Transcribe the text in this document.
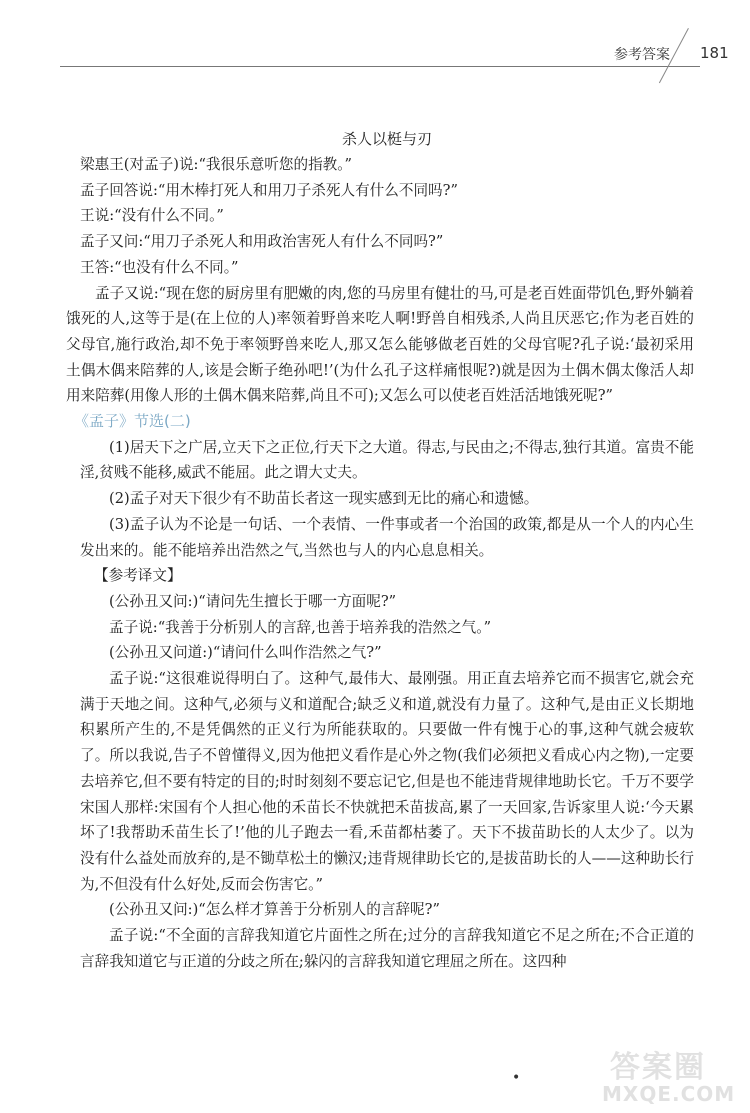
参考答案 181

杀人以梃与刃

梁惠王(对孟子)说:“我很乐意听您的指教。”

孟子回答说:“用木棒打死人和用刀子杀死人有什么不同吗?”

王说:“没有什么不同。”

孟子又问:“用刀子杀死人和用政治害死人有什么不同吗?”

王答:“也没有什么不同。”

孟子又说:“现在您的厨房里有肥嫩的肉,您的马房里有健壮的马,可是老百姓面带饥色,野外躺着饿死的人,这等于是(在上位的人)率领着野兽来吃人啊!野兽自相残杀,人尚且厌恶它;作为老百姓的父母官,施行政治,却不免于率领野兽来吃人,那又怎么能够做老百姓的父母官呢?孔子说:‘最初采用土偶木偶来陪葬的人,该是会断子绝孙吧!’(为什么孔子这样痛恨呢?)就是因为土偶木偶太像活人却用来陪葬(用像人形的土偶木偶来陪葬,尚且不可);又怎么可以使老百姓活活地饿死呢?”

《孟子》节选(二)

(1)居天下之广居,立天下之正位,行天下之大道。得志,与民由之;不得志,独行其道。富贵不能淫,贫贱不能移,威武不能屈。此之谓大丈夫。

(2)孟子对天下很少有不助苗长者这一现实感到无比的痛心和遗憾。

(3)孟子认为不论是一句话、一个表情、一件事或者一个治国的政策,都是从一个人的内心生发出来的。能不能培养出浩然之气,当然也与人的内心息息相关。

【参考译文】

(公孙丑又问:)“请问先生擅长于哪一方面呢?”

孟子说:“我善于分析别人的言辞,也善于培养我的浩然之气。”

(公孙丑又问道:)“请问什么叫作浩然之气?”

孟子说:“这很难说得明白了。这种气,最伟大、最刚强。用正直去培养它而不损害它,就会充满于天地之间。这种气,必须与义和道配合;缺乏义和道,就没有力量了。这种气,是由正义长期地积累所产生的,不是凭偶然的正义行为所能获取的。只要做一件有愧于心的事,这种气就会疲软了。所以我说,告子不曾懂得义,因为他把义看作是心外之物(我们必须把义看成心内之物),一定要去培养它,但不要有特定的目的;时时刻刻不要忘记它,但是也不能违背规律地助长它。千万不要学宋国人那样:宋国有个人担心他的禾苗长不快就把禾苗拔高,累了一天回家,告诉家里人说:‘今天累坏了!我帮助禾苗生长了!’他的儿子跑去一看,禾苗都枯萎了。天下不拔苗助长的人太少了。以为没有什么益处而放弃的,是不锄草松土的懒汉;违背规律助长它的,是拔苗助长的人——这种助长行为,不但没有什么好处,反而会伤害它。”

(公孙丑又问:)“怎么样才算善于分析别人的言辞呢?”

孟子说:“不全面的言辞我知道它片面性之所在;过分的言辞我知道它不足之所在;不合正道的言辞我知道它与正道的分歧之所在;躲闪的言辞我知道它理屈之所在。这四种

•	答案圈
MXQE.COM
